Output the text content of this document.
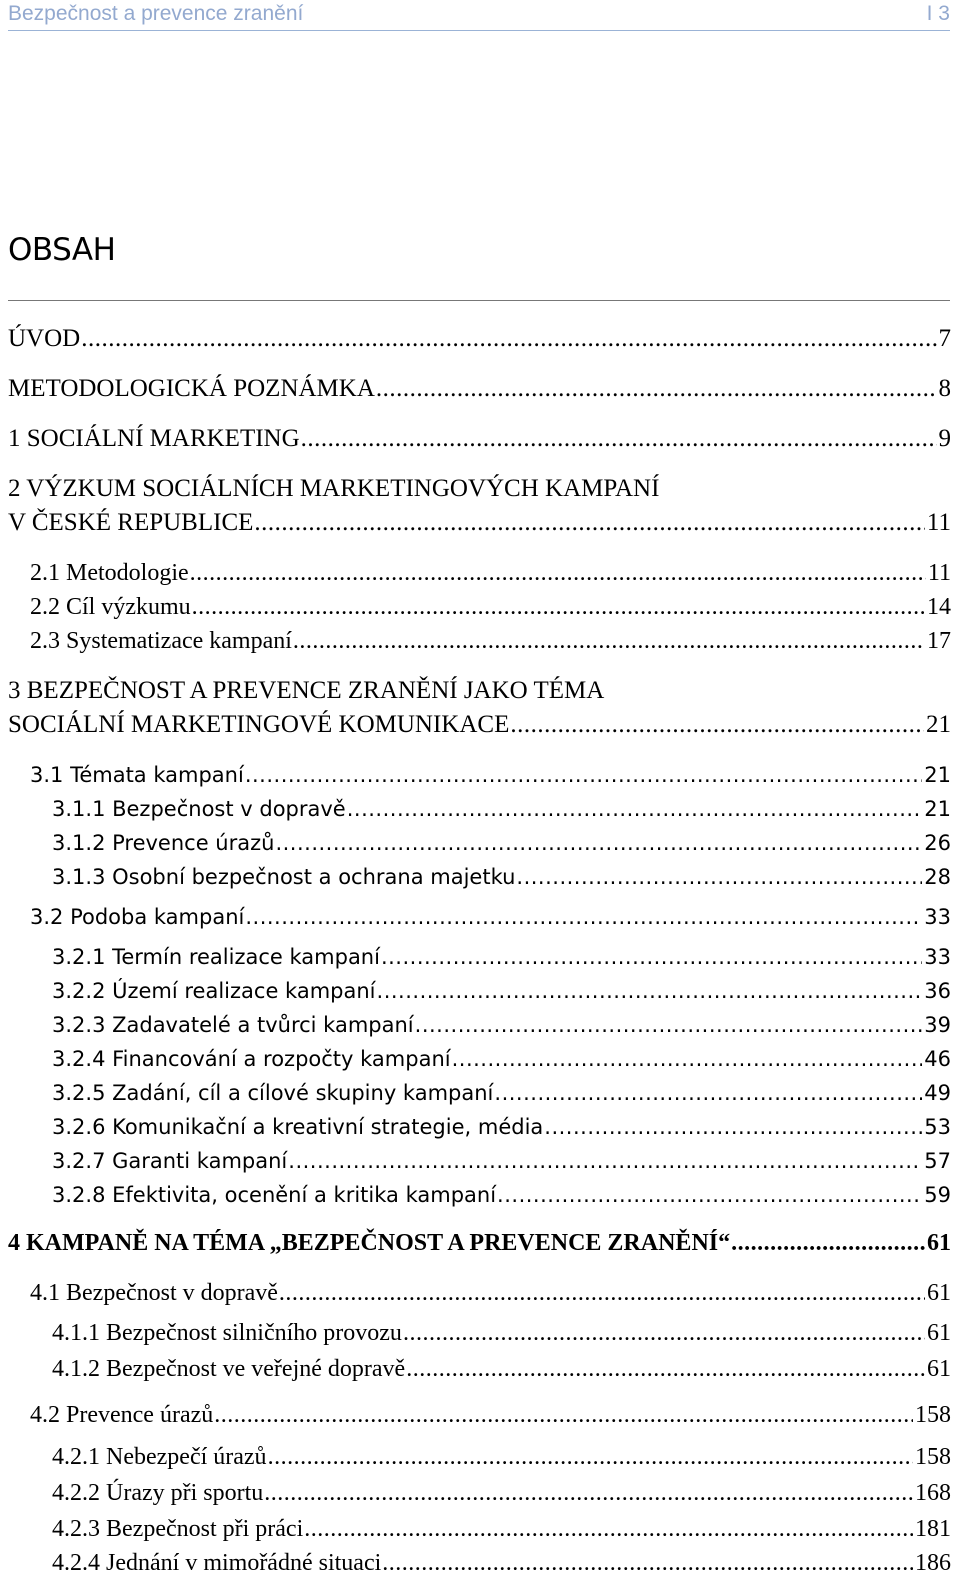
Bezpečnost a prevence zranění	I 3
OBSAH
ÚVOD .....	7
METODOLOGICKÁ POZNÁMKA .....	8
1 SOCIÁLNÍ MARKETING .....	9
2 VÝZKUM SOCIÁLNÍCH MARKETINGOVÝCH KAMPANÍ
V ČESKÉ REPUBLICE .....	11
2.1 Metodologie .....	11
2.2 Cíl výzkumu .....	14
2.3 Systematizace kampaní .....	17
3 BEZPEČNOST A PREVENCE ZRANĚNÍ JAKO TÉMA
SOCIÁLNÍ MARKETINGOVÉ KOMUNIKACE .....	21
3.1 Témata kampaní .....	21
3.1.1 Bezpečnost v dopravě .....	21
3.1.2 Prevence úrazů .....	26
3.1.3 Osobní bezpečnost a ochrana majetku .....	28
3.2 Podoba kampaní .....	33
3.2.1 Termín realizace kampaní .....	33
3.2.2 Území realizace kampaní .....	36
3.2.3 Zadavatelé a tvůrci kampaní .....	39
3.2.4 Financování a rozpočty kampaní .....	46
3.2.5 Zadání, cíl a cílové skupiny kampaní .....	49
3.2.6 Komunikační a kreativní strategie, média .....	53
3.2.7 Garanti kampaní .....	57
3.2.8 Efektivita, ocenění a kritika kampaní .....	59
4 KAMPANĚ NA TÉMA „BEZPEČNOST A PREVENCE ZRANĚNÍ“ .....	61
4.1 Bezpečnost v dopravě .....	61
4.1.1 Bezpečnost silničního provozu .....	61
4.1.2 Bezpečnost ve veřejné dopravě .....	61
4.2 Prevence úrazů .....	158
4.2.1 Nebezpečí úrazů .....	158
4.2.2 Úrazy při sportu .....	168
4.2.3 Bezpečnost při práci .....	181
4.2.4 Jednání v mimořádné situaci .....	186
